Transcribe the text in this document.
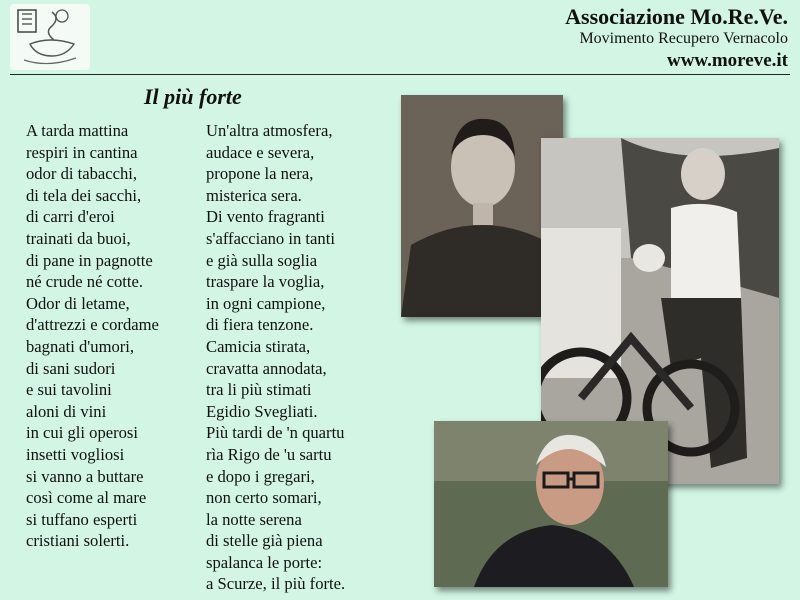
Associazione Mo.Re.Ve.
Movimento Recupero Vernacolo
www.moreve.it
Il più forte
A tarda mattina
respiri in cantina
odor di tabacchi,
di tela dei sacchi,
di carri d'eroi
trainati da buoi,
di pane in pagnotte
né crude né cotte.
Odor di letame,
d'attrezzi e cordame
bagnati d'umori,
di sani sudori
e sui tavolini
aloni di vini
in cui gli operosi
insetti vogliosi
si vanno a buttare
così come al mare
si tuffano esperti
cristiani solerti.
Un'altra atmosfera,
audace e severa,
propone la nera,
misterica sera.
Di vento fragranti
s'affacciano in tanti
e già sulla soglia
traspare la voglia,
in ogni campione,
di fiera tenzone.
Camicia stirata,
cravatta annodata,
tra li più stimati
Egidio Svegliati.
Più tardi de 'n quartu
rìa Rigo de 'u sartu
e dopo i gregari,
non certo somari,
la notte serena
di stelle già piena
spalanca le porte:
a Scurze, il più forte.
